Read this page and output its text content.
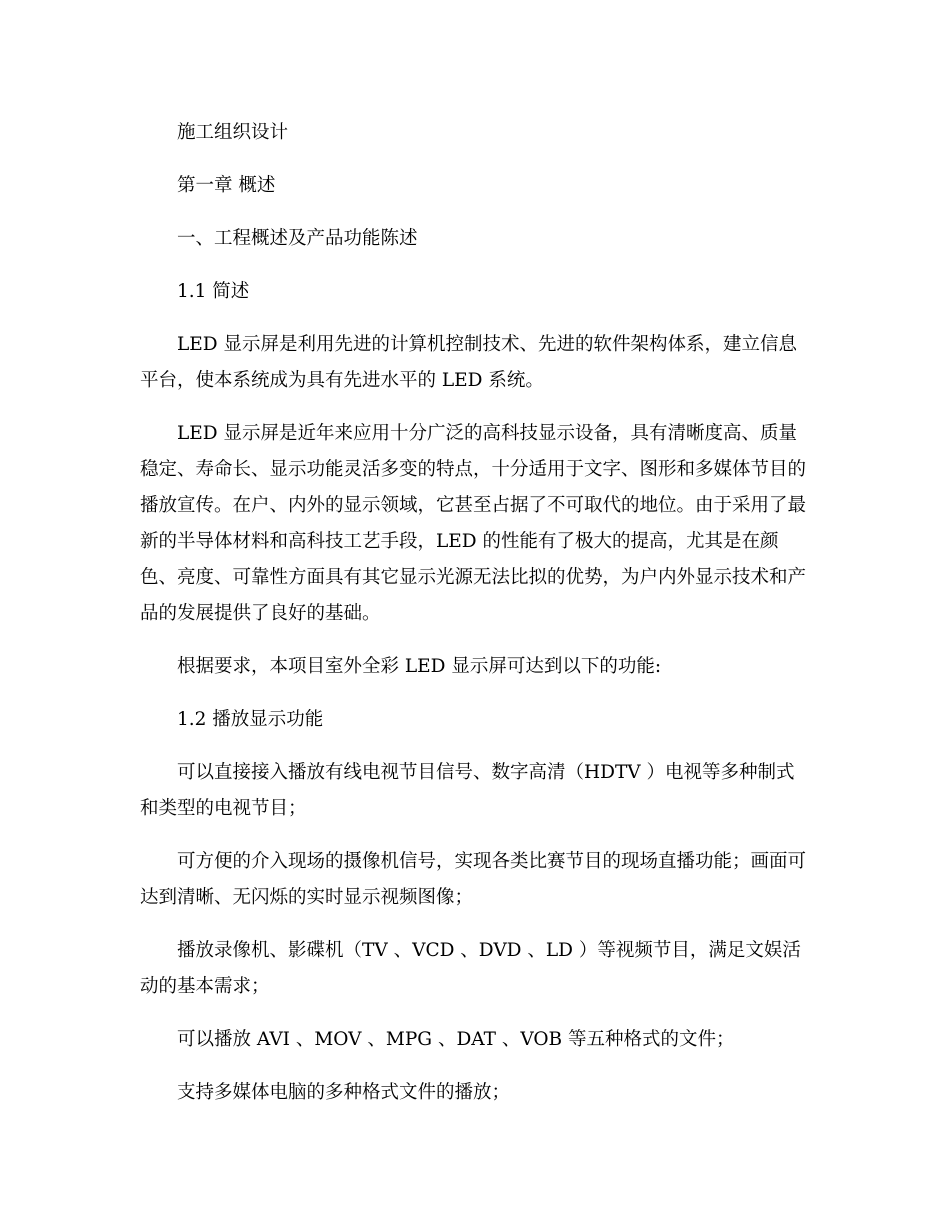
施工组织设计

第一章 概述

一、工程概述及产品功能陈述

1.1 简述

LED 显示屏是利用先进的计算机控制技术、先进的软件架构体系，建立信息平台，使本系统成为具有先进水平的 LED 系统。

LED 显示屏是近年来应用十分广泛的高科技显示设备，具有清晰度高、质量稳定、寿命长、显示功能灵活多变的特点，十分适用于文字、图形和多媒体节目的播放宣传。在户、内外的显示领域，它甚至占据了不可取代的地位。由于采用了最新的半导体材料和高科技工艺手段，LED 的性能有了极大的提高，尤其是在颜色、亮度、可靠性方面具有其它显示光源无法比拟的优势，为户内外显示技术和产品的发展提供了良好的基础。

根据要求，本项目室外全彩 LED 显示屏可达到以下的功能:

1.2 播放显示功能

可以直接接入播放有线电视节目信号、数字高清（HDTV ）电视等多种制式和类型的电视节目；

可方便的介入现场的摄像机信号，实现各类比赛节目的现场直播功能；画面可达到清晰、无闪烁的实时显示视频图像；

播放录像机、影碟机（TV 、VCD 、DVD 、LD ）等视频节目，满足文娱活动的基本需求；

可以播放 AVI 、MOV 、MPG 、DAT 、VOB 等五种格式的文件；

支持多媒体电脑的多种格式文件的播放；
